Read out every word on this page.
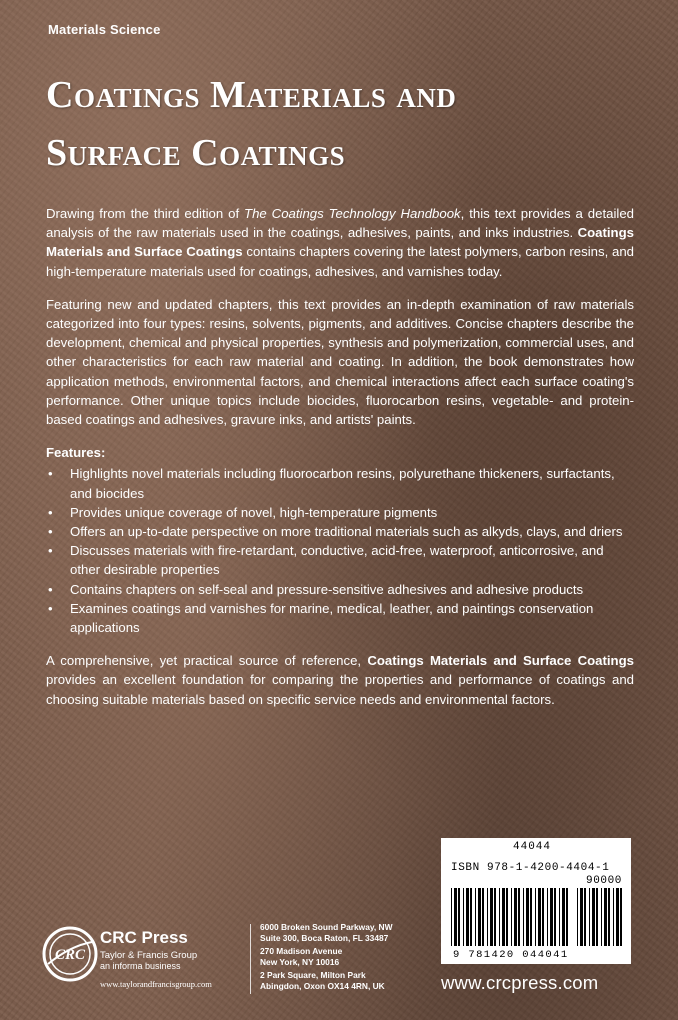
Materials Science
Coatings Materials and
Surface Coatings

Drawing from the third edition of The Coatings Technology Handbook, this text provides a detailed analysis of the raw materials used in the coatings, adhesives, paints, and inks industries. Coatings Materials and Surface Coatings contains chapters covering the latest polymers, carbon resins, and high-temperature materials used for coatings, adhesives, and varnishes today.

Featuring new and updated chapters, this text provides an in-depth examination of raw materials categorized into four types: resins, solvents, pigments, and additives. Concise chapters describe the development, chemical and physical properties, synthesis and polymerization, commercial uses, and other characteristics for each raw material and coating. In addition, the book demonstrates how application methods, environmental factors, and chemical interactions affect each surface coating's performance. Other unique topics include biocides, fluorocarbon resins, vegetable- and protein-based coatings and adhesives, gravure inks, and artists' paints.

Features:
• Highlights novel materials including fluorocarbon resins, polyurethane thickeners, surfactants, and biocides
• Provides unique coverage of novel, high-temperature pigments
• Offers an up-to-date perspective on more traditional materials such as alkyds, clays, and driers
• Discusses materials with fire-retardant, conductive, acid-free, waterproof, anticorrosive, and other desirable properties
• Contains chapters on self-seal and pressure-sensitive adhesives and adhesive products
• Examines coatings and varnishes for marine, medical, leather, and paintings conservation applications

A comprehensive, yet practical source of reference, Coatings Materials and Surface Coatings provides an excellent foundation for comparing the properties and performance of coatings and choosing suitable materials based on specific service needs and environmental factors.

44044
ISBN 978-1-4200-4404-1
90000
9 781420 044041
www.crcpress.com
CRC
CRC Press
Taylor & Francis Group
an informa business
www.taylorandfrancisgroup.com
6000 Broken Sound Parkway, NW
Suite 300, Boca Raton, FL 33487
270 Madison Avenue
New York, NY 10016
2 Park Square, Milton Park
Abingdon, Oxon OX14 4RN, UK
